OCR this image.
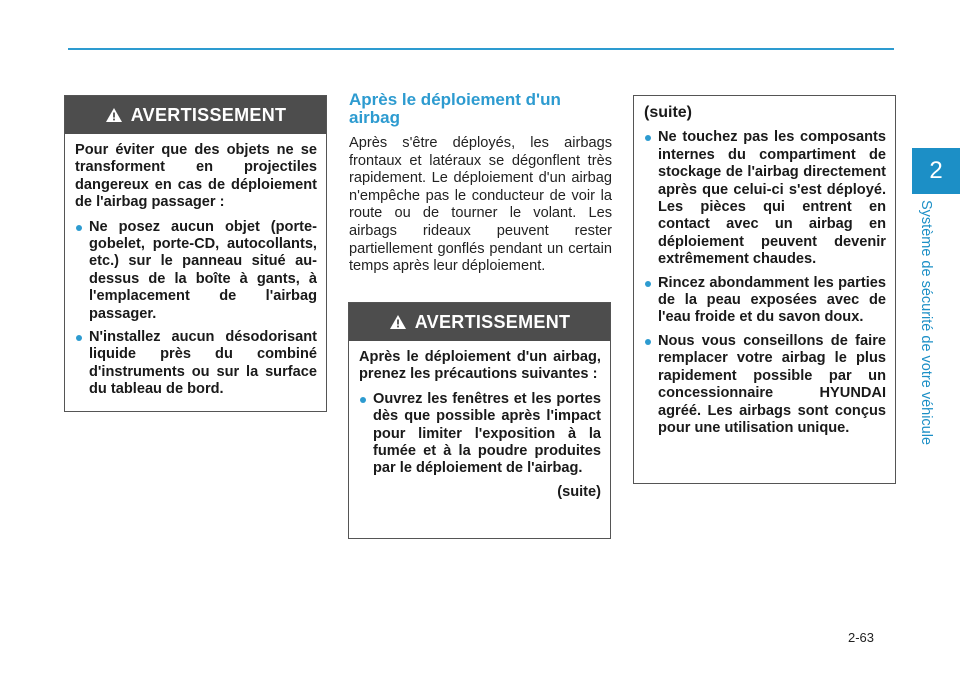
2
Système de sécurité de votre véhicule
AVERTISSEMENT

Pour éviter que des objets ne se transforment en projectiles dangereux en cas de déploiement de l'airbag passager :

Ne posez aucun objet (porte-gobelet, porte-CD, autocollants, etc.) sur le panneau situé au-dessus de la boîte à gants, à l'emplacement de l'airbag passager.
N'installez aucun désodorisant liquide près du combiné d'instruments ou sur la surface du tableau de bord.
Après le déploiement d'un airbag
Après s'être déployés, les airbags frontaux et latéraux se dégonflent très rapidement. Le déploiement d'un airbag n'empêche pas le conducteur de voir la route ou de tourner le volant. Les airbags rideaux peuvent rester partiellement gonflés pendant un certain temps après leur déploiement.
AVERTISSEMENT

Après le déploiement d'un airbag, prenez les précautions suivantes :

Ouvrez les fenêtres et les portes dès que possible après l'impact pour limiter l'exposition à la fumée et à la poudre produites par le déploiement de l'airbag.
(suite)
(suite)
Ne touchez pas les composants internes du compartiment de stockage de l'airbag directement après que celui-ci s'est déployé. Les pièces qui entrent en contact avec un airbag en déploiement peuvent devenir extrêmement chaudes.
Rincez abondamment les parties de la peau exposées avec de l'eau froide et du savon doux.
Nous vous conseillons de faire remplacer votre airbag le plus rapidement possible par un concessionnaire HYUNDAI agréé. Les airbags sont conçus pour une utilisation unique.
2-63
